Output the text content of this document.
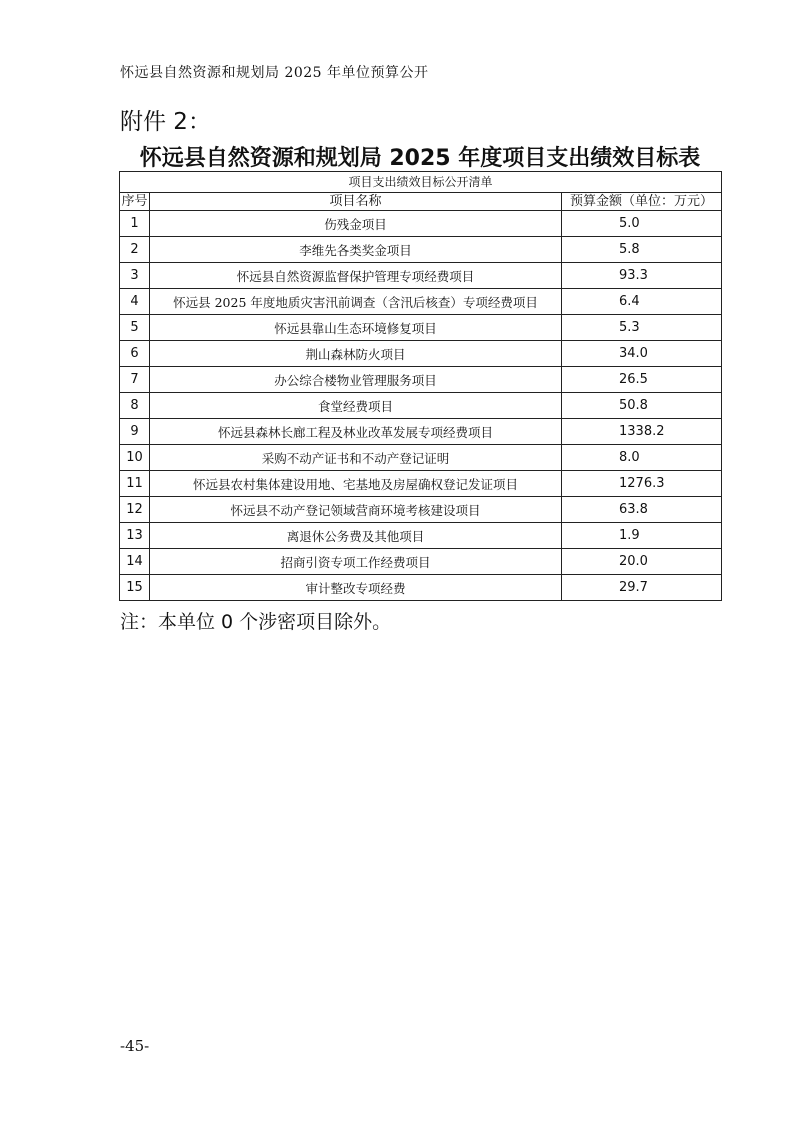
怀远县自然资源和规划局 2025 年单位预算公开
附件 2：
怀远县自然资源和规划局 2025 年度项目支出绩效目标表
项目支出绩效目标公开清单		
序号	项目名称	预算金额（单位：万元）
1	伤残金项目	5.0
2	李维先各类奖金项目	5.8
3	怀远县自然资源监督保护管理专项经费项目	93.3
4	怀远县 2025 年度地质灾害汛前调查（含汛后核查）专项经费项目	6.4
5	怀远县靠山生态环境修复项目	5.3
6	荆山森林防火项目	34.0
7	办公综合楼物业管理服务项目	26.5
8	食堂经费项目	50.8
9	怀远县森林长廊工程及林业改革发展专项经费项目	1338.2
10	采购不动产证书和不动产登记证明	8.0
11	怀远县农村集体建设用地、宅基地及房屋确权登记发证项目	1276.3
12	怀远县不动产登记领域营商环境考核建设项目	63.8
13	离退休公务费及其他项目	1.9
14	招商引资专项工作经费项目	20.0
15	审计整改专项经费	29.7
注：本单位 0 个涉密项目除外。
-45-
